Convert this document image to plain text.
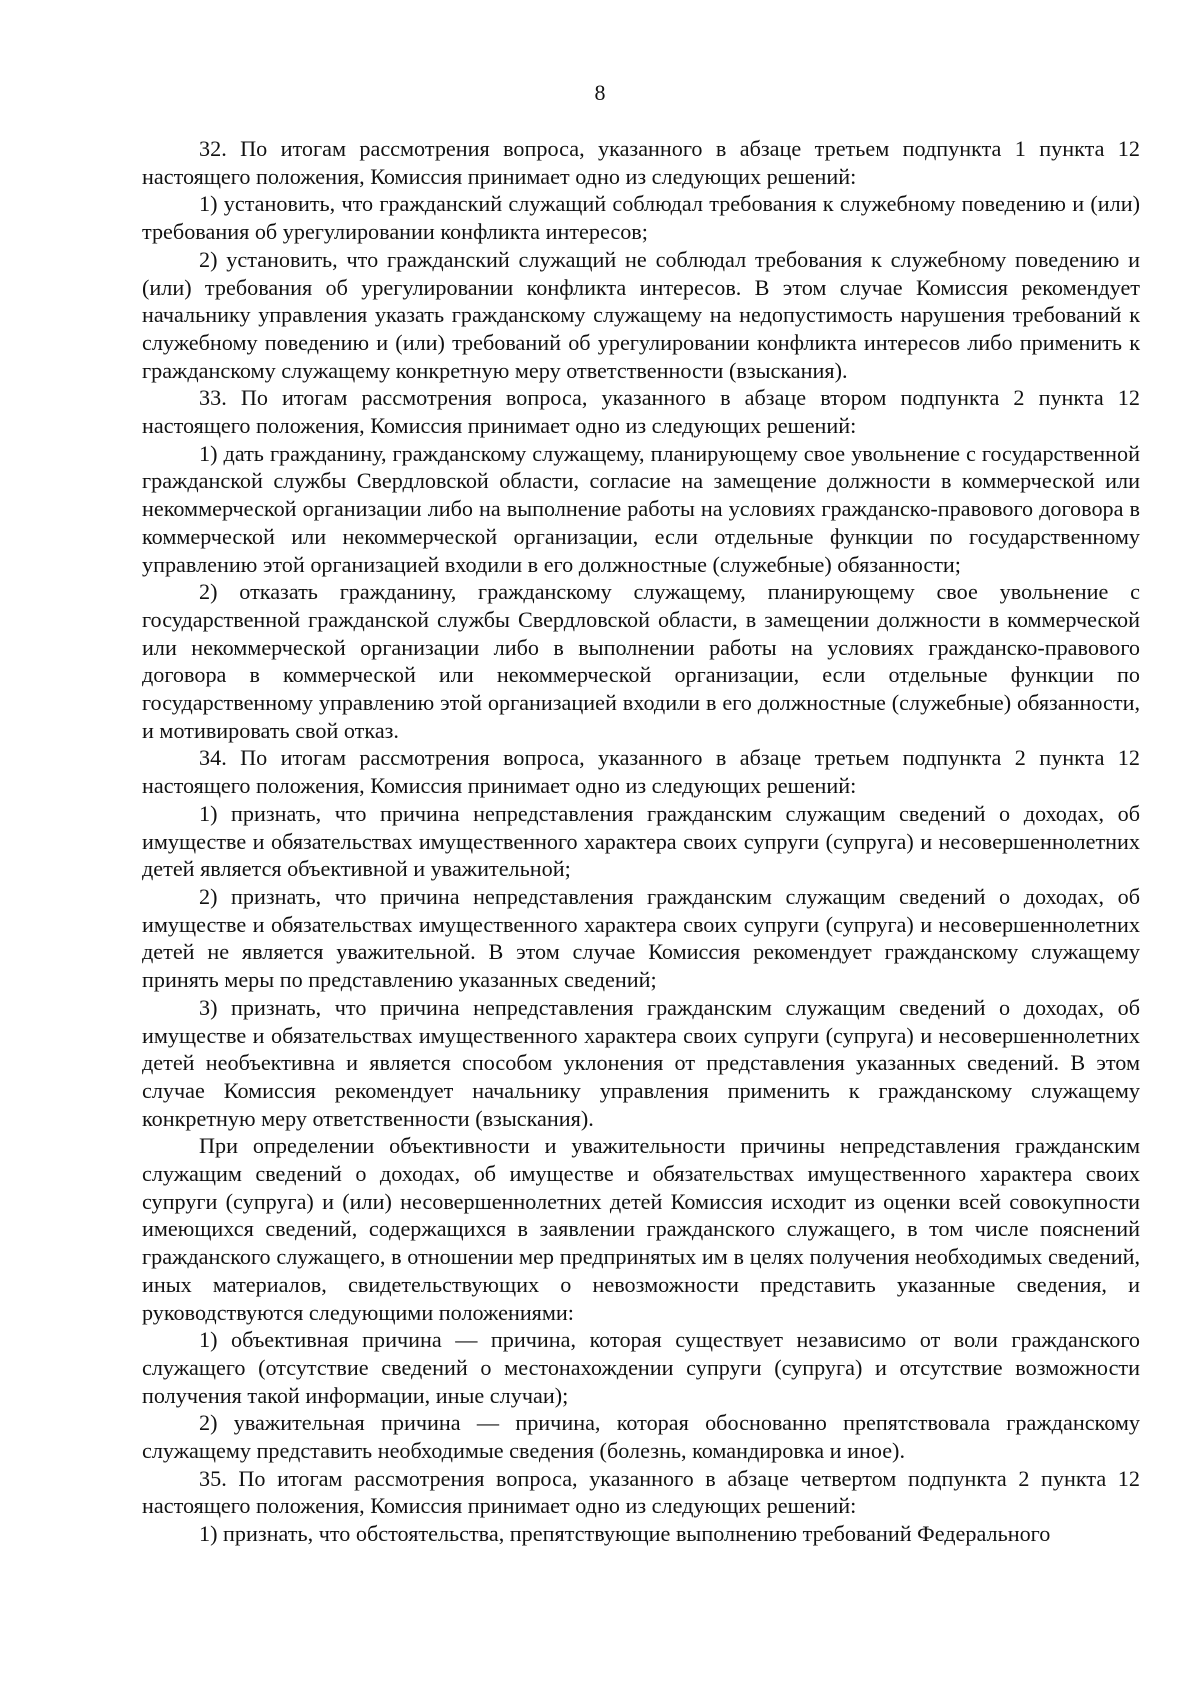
8

32. По итогам рассмотрения вопроса, указанного в абзаце третьем подпункта 1 пункта 12 настоящего положения, Комиссия принимает одно из следующих решений:

1) установить, что гражданский служащий соблюдал требования к служебному поведению и (или) требования об урегулировании конфликта интересов;

2) установить, что гражданский служащий не соблюдал требования к служебному поведению и (или) требования об урегулировании конфликта интересов. В этом случае Комиссия рекомендует начальнику управления указать гражданскому служащему на недопустимость нарушения требований к служебному поведению и (или) требований об урегулировании конфликта интересов либо применить к гражданскому служащему конкретную меру ответственности (взыскания).

33. По итогам рассмотрения вопроса, указанного в абзаце втором подпункта 2 пункта 12 настоящего положения, Комиссия принимает одно из следующих решений:

1) дать гражданину, гражданскому служащему, планирующему свое увольнение с государственной гражданской службы Свердловской области, согласие на замещение должности в коммерческой или некоммерческой организации либо на выполнение работы на условиях гражданско-правового договора в коммерческой или некоммерческой организации, если отдельные функции по государственному управлению этой организацией входили в его должностные (служебные) обязанности;

2) отказать гражданину, гражданскому служащему, планирующему свое увольнение с государственной гражданской службы Свердловской области, в замещении должности в коммерческой или некоммерческой организации либо в выполнении работы на условиях гражданско-правового договора в коммерческой или некоммерческой организации, если отдельные функции по государственному управлению этой организацией входили в его должностные (служебные) обязанности, и мотивировать свой отказ.

34. По итогам рассмотрения вопроса, указанного в абзаце третьем подпункта 2 пункта 12 настоящего положения, Комиссия принимает одно из следующих решений:

1) признать, что причина непредставления гражданским служащим сведений о доходах, об имуществе и обязательствах имущественного характера своих супруги (супруга) и несовершеннолетних детей является объективной и уважительной;

2) признать, что причина непредставления гражданским служащим сведений о доходах, об имуществе и обязательствах имущественного характера своих супруги (супруга) и несовершеннолетних детей не является уважительной. В этом случае Комиссия рекомендует гражданскому служащему принять меры по представлению указанных сведений;

3) признать, что причина непредставления гражданским служащим сведений о доходах, об имуществе и обязательствах имущественного характера своих супруги (супруга) и несовершеннолетних детей необъективна и является способом уклонения от представления указанных сведений. В этом случае Комиссия рекомендует начальнику управления применить к гражданскому служащему конкретную меру ответственности (взыскания).

При определении объективности и уважительности причины непредставления гражданским служащим сведений о доходах, об имуществе и обязательствах имущественного характера своих супруги (супруга) и (или) несовершеннолетних детей Комиссия исходит из оценки всей совокупности имеющихся сведений, содержащихся в заявлении гражданского служащего, в том числе пояснений гражданского служащего, в отношении мер предпринятых им в целях получения необходимых сведений, иных материалов, свидетельствующих о невозможности представить указанные сведения, и руководствуются следующими положениями:

1) объективная причина — причина, которая существует независимо от воли гражданского служащего (отсутствие сведений о местонахождении супруги (супруга) и отсутствие возможности получения такой информации, иные случаи);

2) уважительная причина — причина, которая обоснованно препятствовала гражданскому служащему представить необходимые сведения (болезнь, командировка и иное).

35. По итогам рассмотрения вопроса, указанного в абзаце четвертом подпункта 2 пункта 12 настоящего положения, Комиссия принимает одно из следующих решений:

1) признать, что обстоятельства, препятствующие выполнению требований Федерального
